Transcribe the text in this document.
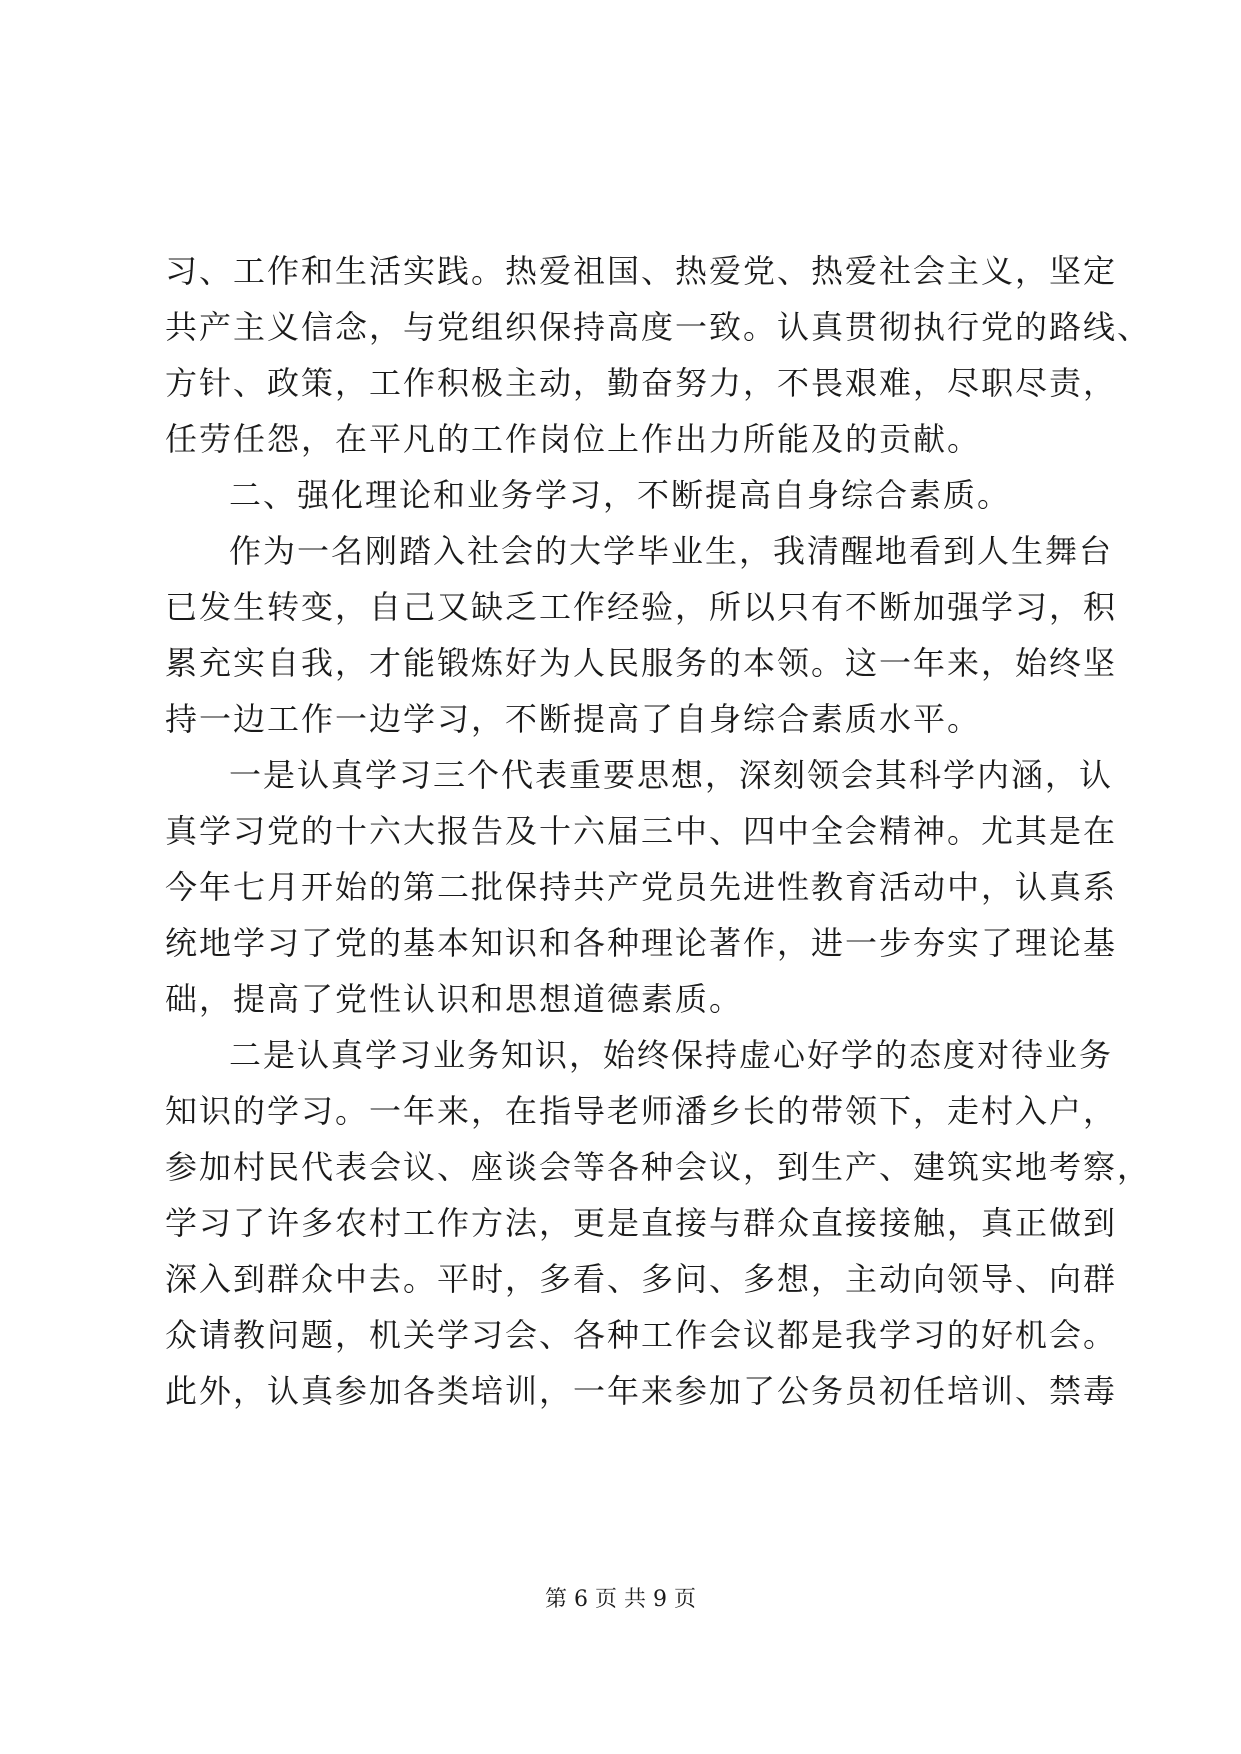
习、工作和生活实践。热爱祖国、热爱党、热爱社会主义，坚定
共产主义信念，与党组织保持高度一致。认真贯彻执行党的路线、
方针、政策，工作积极主动，勤奋努力，不畏艰难，尽职尽责，
任劳任怨，在平凡的工作岗位上作出力所能及的贡献。
二、强化理论和业务学习，不断提高自身综合素质。
作为一名刚踏入社会的大学毕业生，我清醒地看到人生舞台
已发生转变，自己又缺乏工作经验，所以只有不断加强学习，积
累充实自我，才能锻炼好为人民服务的本领。这一年来，始终坚
持一边工作一边学习，不断提高了自身综合素质水平。
一是认真学习三个代表重要思想，深刻领会其科学内涵，认
真学习党的十六大报告及十六届三中、四中全会精神。尤其是在
今年七月开始的第二批保持共产党员先进性教育活动中，认真系
统地学习了党的基本知识和各种理论著作，进一步夯实了理论基
础，提高了党性认识和思想道德素质。
二是认真学习业务知识，始终保持虚心好学的态度对待业务
知识的学习。一年来，在指导老师潘乡长的带领下，走村入户，
参加村民代表会议、座谈会等各种会议，到生产、建筑实地考察，
学习了许多农村工作方法，更是直接与群众直接接触，真正做到
深入到群众中去。平时，多看、多问、多想，主动向领导、向群
众请教问题，机关学习会、各种工作会议都是我学习的好机会。
此外，认真参加各类培训，一年来参加了公务员初任培训、禁毒
第 6 页 共 9 页
